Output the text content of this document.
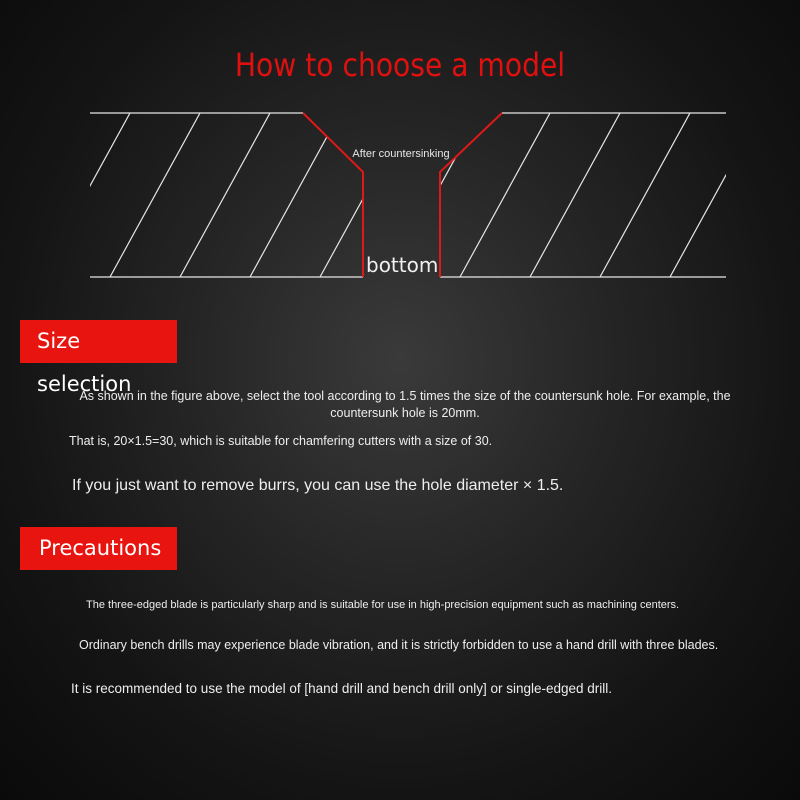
How to choose a model
After countersinking
bottom
Size selection
As shown in the figure above, select the tool according to 1.5 times the size of the countersunk hole. For example, the countersunk hole is 20mm.
That is, 20×1.5=30, which is suitable for chamfering cutters with a size of 30.
If you just want to remove burrs, you can use the hole diameter × 1.5.
Precautions
The three-edged blade is particularly sharp and is suitable for use in high-precision equipment such as machining centers.
Ordinary bench drills may experience blade vibration, and it is strictly forbidden to use a hand drill with three blades.
It is recommended to use the model of [hand drill and bench drill only] or single-edged drill.
